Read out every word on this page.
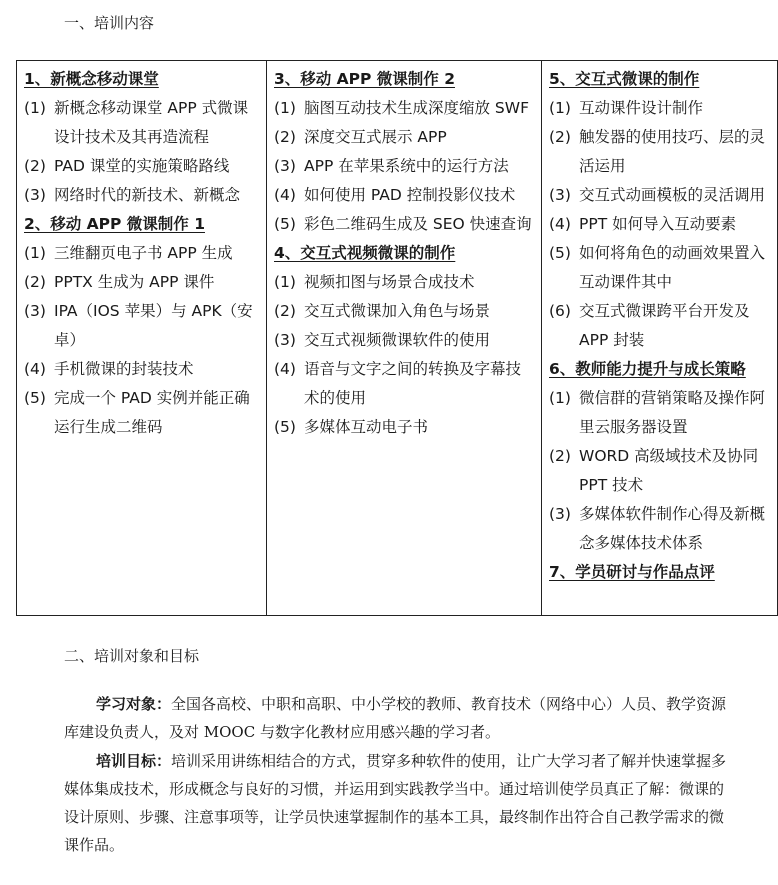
一、培训内容
1、新概念移动课堂
(1) 新概念移动课堂 APP 式微课设计技术及其再造流程
(2) PAD 课堂的实施策略路线
(3) 网络时代的新技术、新概念
2、移动 APP 微课制作 1
(1) 三维翻页电子书 APP 生成
(2) PPTX 生成为 APP 课件
(3) IPA（IOS 苹果）与 APK（安卓）
(4) 手机微课的封装技术
(5) 完成一个 PAD 实例并能正确运行生成二维码

3、移动 APP 微课制作 2
(1) 脑图互动技术生成深度缩放 SWF
(2) 深度交互式展示 APP
(3) APP 在苹果系统中的运行方法
(4) 如何使用 PAD 控制投影仪技术
(5) 彩色二维码生成及 SEO 快速查询
4、交互式视频微课的制作
(1) 视频扣图与场景合成技术
(2) 交互式微课加入角色与场景
(3) 交互式视频微课软件的使用
(4) 语音与文字之间的转换及字幕技术的使用
(5) 多媒体互动电子书

5、交互式微课的制作
(1) 互动课件设计制作
(2) 触发器的使用技巧、层的灵活运用
(3) 交互式动画模板的灵活调用
(4) PPT 如何导入互动要素
(5) 如何将角色的动画效果置入互动课件其中
(6) 交互式微课跨平台开发及 APP 封装
6、教师能力提升与成长策略
(1) 微信群的营销策略及操作阿里云服务器设置
(2) WORD 高级域技术及协同 PPT 技术
(3) 多媒体软件制作心得及新概念多媒体技术体系
7、学员研讨与作品点评
二、培训对象和目标
学习对象：全国各高校、中职和高职、中小学校的教师、教育技术（网络中心）人员、教学资源库建设负责人，及对 MOOC 与数字化教材应用感兴趣的学习者。
培训目标：培训采用讲练相结合的方式，贯穿多种软件的使用，让广大学习者了解并快速掌握多媒体集成技术，形成概念与良好的习惯，并运用到实践教学当中。通过培训使学员真正了解：微课的设计原则、步骤、注意事项等，让学员快速掌握制作的基本工具，最终制作出符合自己教学需求的微课作品。
